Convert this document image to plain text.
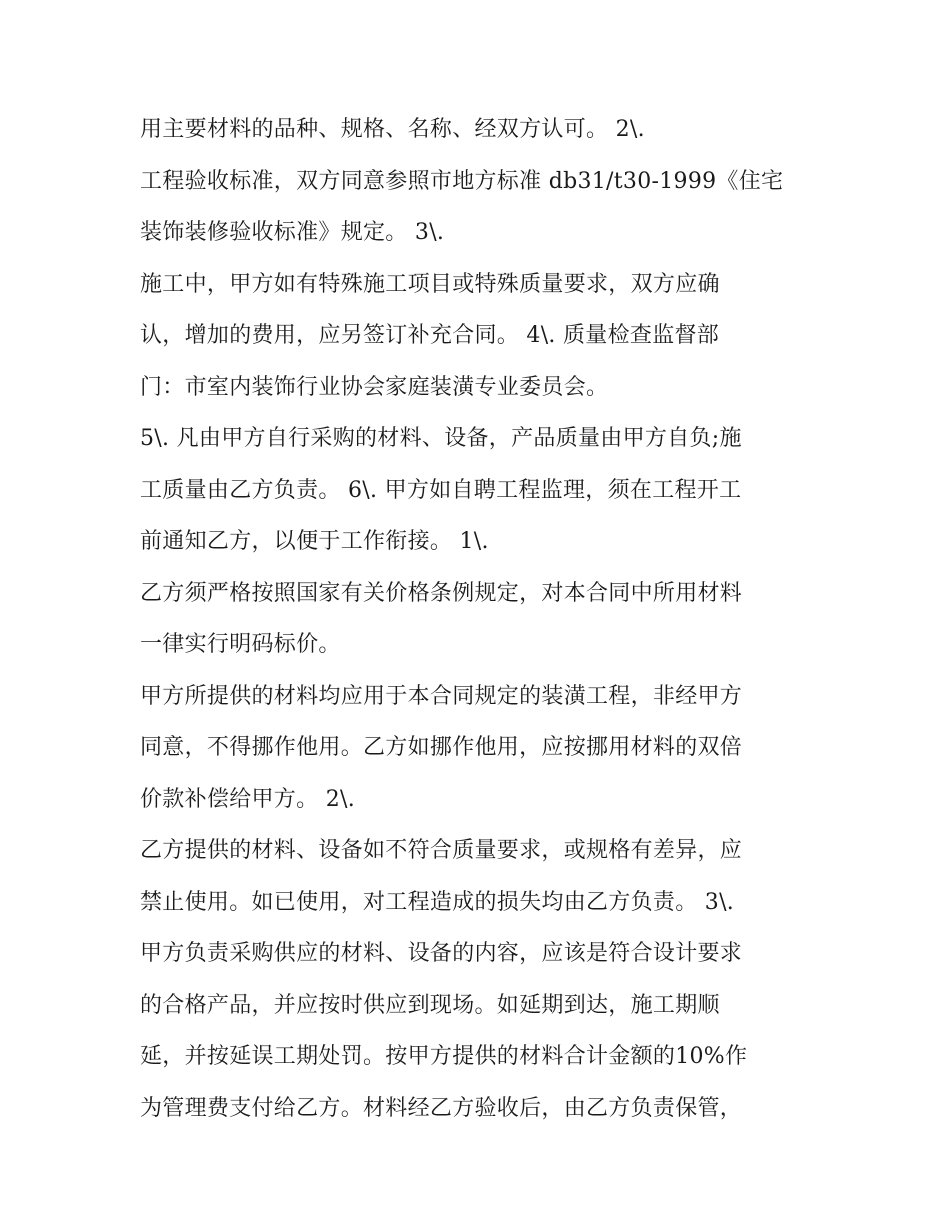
用主要材料的品种、规格、名称、经双方认可。 2\.
工程验收标准，双方同意参照市地方标准 db31/t30-1999《住宅
装饰装修验收标准》规定。 3\.
施工中，甲方如有特殊施工项目或特殊质量要求，双方应确
认，增加的费用，应另签订补充合同。 4\. 质量检查监督部
门：市室内装饰行业协会家庭装潢专业委员会。
5\. 凡由甲方自行采购的材料、设备，产品质量由甲方自负;施
工质量由乙方负责。 6\. 甲方如自聘工程监理，须在工程开工
前通知乙方，以便于工作衔接。 1\.
乙方须严格按照国家有关价格条例规定，对本合同中所用材料
一律实行明码标价。
甲方所提供的材料均应用于本合同规定的装潢工程，非经甲方
同意，不得挪作他用。乙方如挪作他用，应按挪用材料的双倍
价款补偿给甲方。 2\.
乙方提供的材料、设备如不符合质量要求，或规格有差异，应
禁止使用。如已使用，对工程造成的损失均由乙方负责。 3\.
甲方负责采购供应的材料、设备的内容，应该是符合设计要求
的合格产品，并应按时供应到现场。如延期到达，施工期顺
延，并按延误工期处罚。按甲方提供的材料合计金额的10%作
为管理费支付给乙方。材料经乙方验收后，由乙方负责保管，
